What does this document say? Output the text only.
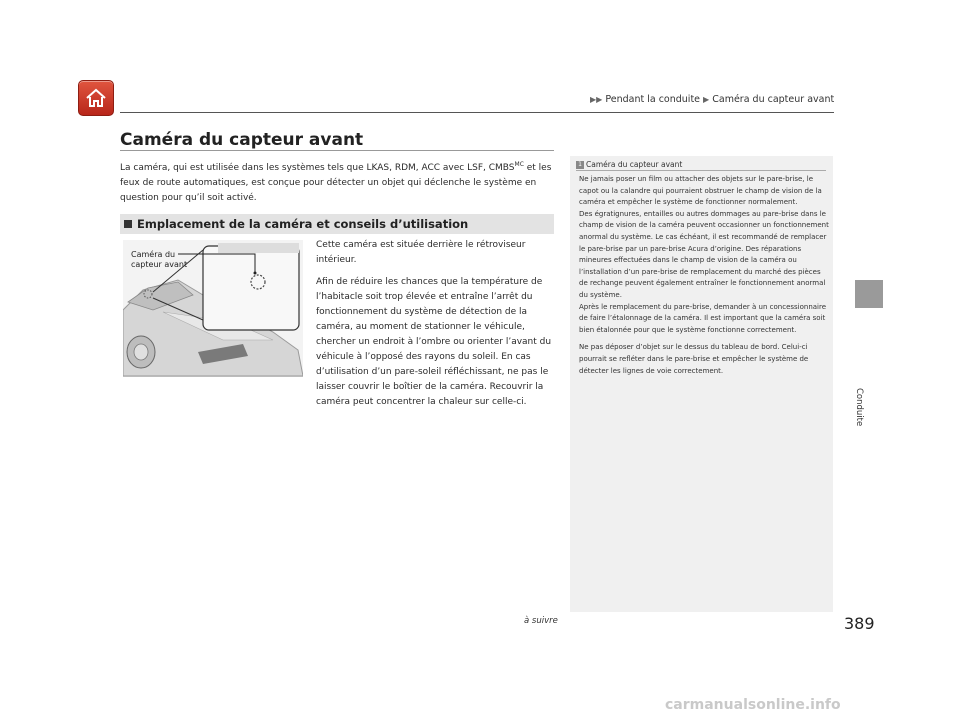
▶▶ Pendant la conduite ▶ Caméra du capteur avant
Caméra du capteur avant

La caméra, qui est utilisée dans les systèmes tels que LKAS, RDM, ACC avec LSF, $CMBS^{MC}$ et les feux de route automatiques, est conçue pour détecter un objet qui déclenche le système en question pour qu’il soit activé.

Emplacement de la caméra et conseils d’utilisation
Caméra du
capteur avant

Cette caméra est située derrière le rétroviseur intérieur.

Afin de réduire les chances que la température de l’habitacle soit trop élevée et entraîne l’arrêt du fonctionnement du système de détection de la caméra, au moment de stationner le véhicule, chercher un endroit à l’ombre ou orienter l’avant du véhicule à l’opposé des rayons du soleil. En cas d’utilisation d’un pare-soleil réfléchissant, ne pas le laisser couvrir le boîtier de la caméra. Recouvrir la caméra peut concentrer la chaleur sur celle-ci.

1 Caméra du capteur avant
Ne jamais poser un film ou attacher des objets sur le pare-brise, le capot ou la calandre qui pourraient obstruer le champ de vision de la caméra et empêcher le système de fonctionner normalement.
Des égratignures, entailles ou autres dommages au pare-brise dans le champ de vision de la caméra peuvent occasionner un fonctionnement anormal du système. Le cas échéant, il est recommandé de remplacer le pare-brise par un pare-brise Acura d’origine. Des réparations mineures effectuées dans le champ de vision de la caméra ou l’installation d’un pare-brise de remplacement du marché des pièces de rechange peuvent également entraîner le fonctionnement anormal du système.

Après le remplacement du pare-brise, demander à un concessionnaire de faire l’étalonnage de la caméra. Il est important que la caméra soit bien étalonnée pour que le système fonctionne correctement.

Ne pas déposer d’objet sur le dessus du tableau de bord. Celui-ci pourrait se refléter dans le pare-brise et empêcher le système de détecter les lignes de voie correctement.

Conduite
à suivre	389
carmanualsonline.info
